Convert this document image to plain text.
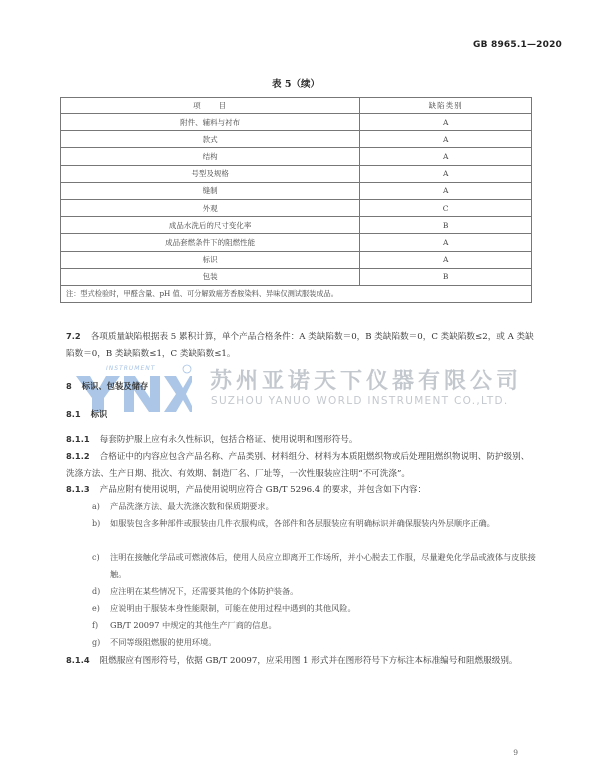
GB 8965.1—2020
表 5（续）
项　　目	缺陷类别
附件、辅料与衬布	A
款式	A
结构	A
号型及规格	A
缝制	A
外观	C
成品水洗后的尺寸变化率	B
成品套燃条件下的阻燃性能	A
标识	A
包装	B
注：型式检验时，甲醛含量、pH 值、可分解致癌芳香胺染料、异味仅测试服装成品。	
7.2 各项质量缺陷根据表 5 累积计算，单个产品合格条件：A 类缺陷数＝0，B 类缺陷数＝0，C 类缺陷数≤2，或 A 类缺陷数＝0，B 类缺陷数≤1，C 类缺陷数≤1。
INSTRUMENT
苏州亚诺天下仪器有限公司
SUZHOU YANUO WORLD INSTRUMENT CO.,LTD.
8 标识、包装及储存
8.1 标识
8.1.1 每套防护服上应有永久性标识，包括合格证、使用说明和图形符号。
8.1.2 合格证中的内容应包含产品名称、产品类别、材料组分、材料为本质阻燃织物或后处理阻燃织物说明、防护级别、洗涤方法、生产日期、批次、有效期、制造厂名、厂址等，一次性服装应注明“不可洗涤”。
8.1.3 产品应附有使用说明，产品使用说明应符合 GB/T 5296.4 的要求，并包含如下内容：
a)	产品洗涤方法、最大洗涤次数和保质期要求。
b)	如服装包含多种部件或服装由几件衣服构成，各部件和各层服装应有明确标识并确保服装内外层顺序正确。
c)	注明在接触化学品或可燃液体后，使用人员应立即离开工作场所，并小心脱去工作服，尽量避免化学品或液体与皮肤接触。
d)	应注明在某些情况下，还需要其他的个体防护装备。
e)	应说明由于服装本身性能限制，可能在使用过程中遇到的其他风险。
f)	GB/T 20097 中规定的其他生产厂商的信息。
g)	不同等级阻燃服的使用环境。
8.1.4 阻燃服应有图形符号，依据 GB/T 20097，应采用图 1 形式并在图形符号下方标注本标准编号和阻燃服级别。
9
